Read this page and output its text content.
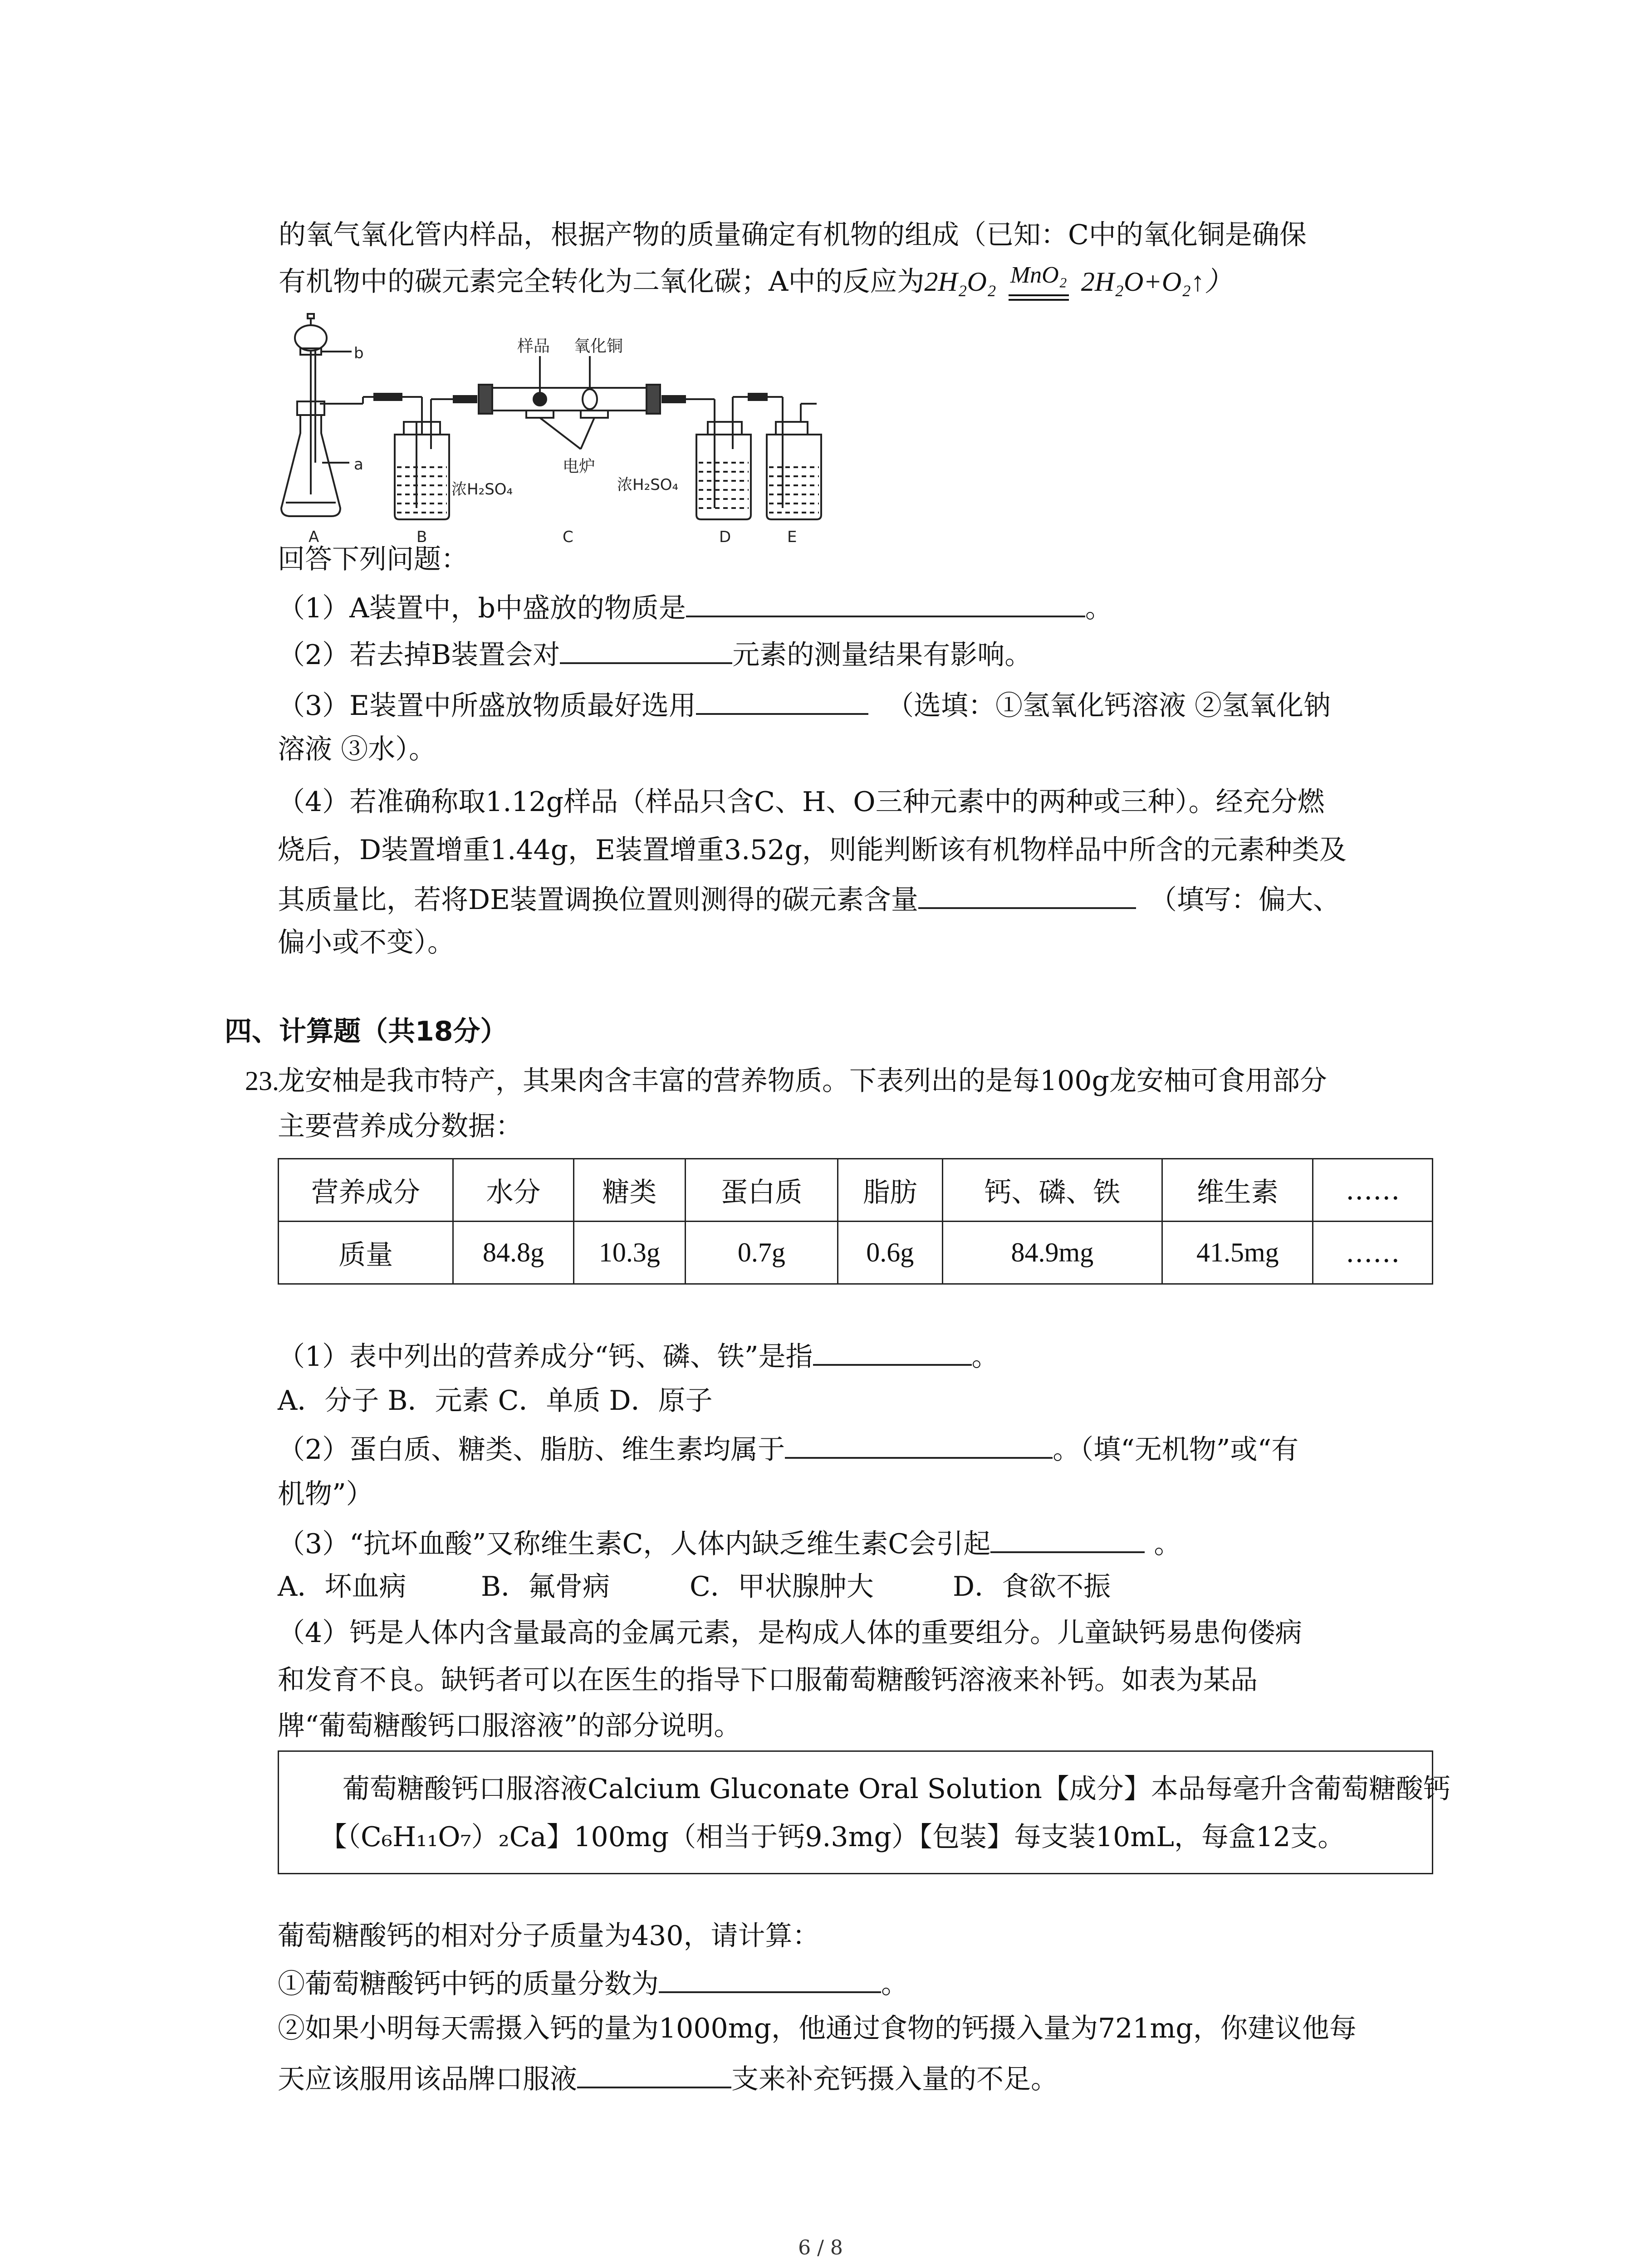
的氧气氧化管内样品，根据产物的质量确定有机物的组成（已知：C中的氧化铜是确保
有机物中的碳元素完全转化为二氧化碳；A中的反应为2H₂O₂ MnO₂ 2H₂O+O₂↑）
b
a
样品 氧化铜
电炉
浓H₂SO₄	浓H₂SO₄
A	B	C	D	E
回答下列问题：
（1）A装置中，b中盛放的物质是	。
（2）若去掉B装置会对	元素的测量结果有影响。
（3）E装置中所盛放物质最好选用	（选填：①氢氧化钙溶液 ②氢氧化钠
溶液 ③水）。
（4）若准确称取1.12g样品（样品只含C、H、O三种元素中的两种或三种）。经充分燃
烧后，D装置增重1.44g，E装置增重3.52g，则能判断该有机物样品中所含的元素种类及
其质量比，若将DE装置调换位置则测得的碳元素含量	（填写：偏大、
偏小或不变）。
四、计算题（共18分）
23.
龙安柚是我市特产，其果肉含丰富的营养物质。下表列出的是每100g龙安柚可食用部分
主要营养成分数据：
营养成分	水分	糖类	蛋白质	脂肪	钙、磷、铁	维生素	……
质量	84.8g	10.3g	0.7g	0.6g	84.9mg	41.5mg	……
（1）表中列出的营养成分“钙、磷、铁”是指	。
A．分子 B．元素 C．单质 D．原子
（2）蛋白质、糖类、脂肪、维生素均属于	。（填“无机物”或“有
机物”）
（3）“抗坏血酸”又称维生素C，人体内缺乏维生素C会引起	。
A．坏血病	B．氟骨病	C．甲状腺肿大	D．食欲不振
（4）钙是人体内含量最高的金属元素，是构成人体的重要组分。儿童缺钙易患佝偻病
和发育不良。缺钙者可以在医生的指导下口服葡萄糖酸钙溶液来补钙。如表为某品
牌“葡萄糖酸钙口服溶液”的部分说明。
葡萄糖酸钙口服溶液Calcium Gluconate Oral Solution【成分】本品每毫升含葡萄糖酸钙
【（C₆H₁₁O₇）₂Ca】100mg（相当于钙9.3mg）【包装】每支装10mL，每盒12支。
葡萄糖酸钙的相对分子质量为430，请计算：
①葡萄糖酸钙中钙的质量分数为	。
②如果小明每天需摄入钙的量为1000mg，他通过食物的钙摄入量为721mg，你建议他每
天应该服用该品牌口服液	支来补充钙摄入量的不足。
6 / 8
